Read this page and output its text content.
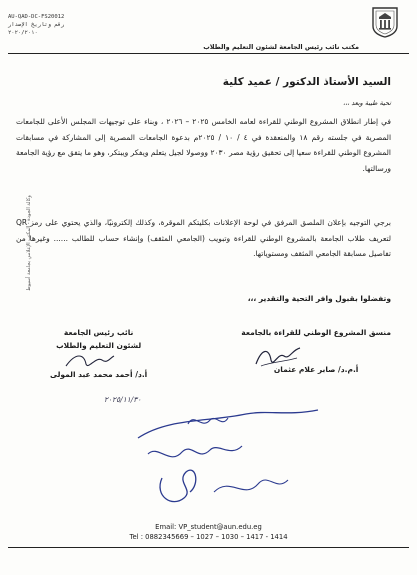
AU-QAD-DC-FS20012
رقم وتاريخ الإصدار
٢٠٢٠/٢٠١٠
مكتب نائب رئيس الجامعة لشئون التعليم والطلاب
السيد الأستاذ الدكتور / عميد كلية
تحية طيبة وبعد ،،،
في إطار انطلاق المشروع الوطني للقراءة لعامه الخامس ٢٠٢٥ – ٢٠٢٦ ، وبناء على توجيهات المجلس الأعلى للجامعات المصرية في جلسته رقم ١٨ والمنعقدة في ٤ / ١٠ / ٢٠٢٥م بدعوة الجامعات المصرية إلى المشاركة في مسابقات المشروع الوطني للقراءة سعيا إلى تحقيق رؤية مصر ٢٠٣٠ ووصولا لجيل يتعلم ويفكر ويبتكر، وهو ما يتفق مع رؤية الجامعة ورسالتها.
برجي التوجيه بإعلان الملصق المرفق في لوحة الإعلانات بكليتكم الموقرة، وكذلك إلكترونيًا، والذي يحتوي على رمز QR لتعريف طلاب الجامعة بالمشروع الوطني للقراءة وتبويب (الجامعي المثقف) وإنشاء حساب للطالب ...... وغيرها من تفاصيل مسابقة الجامعي المثقف ومستوياتها.
وتفضلوا بقبول وافر التحية والتقدير ،،،
منسق المشروع الوطني للقراءة بالجامعة
أ.م.د/ صابر علام عثمان
نائب رئيس الجامعة
لشئون التعليم والطلاب
أ.د/ أحمد محمد عبد المولى
٢٠٢٥/١١/٣٠
وكالة الجودة - المكتب الإعلامي بجامعة أسيوط
Email: VP_student@aun.edu.eg
Tel : 0882345669 – 1027 – 1030 – 1417 - 1414
